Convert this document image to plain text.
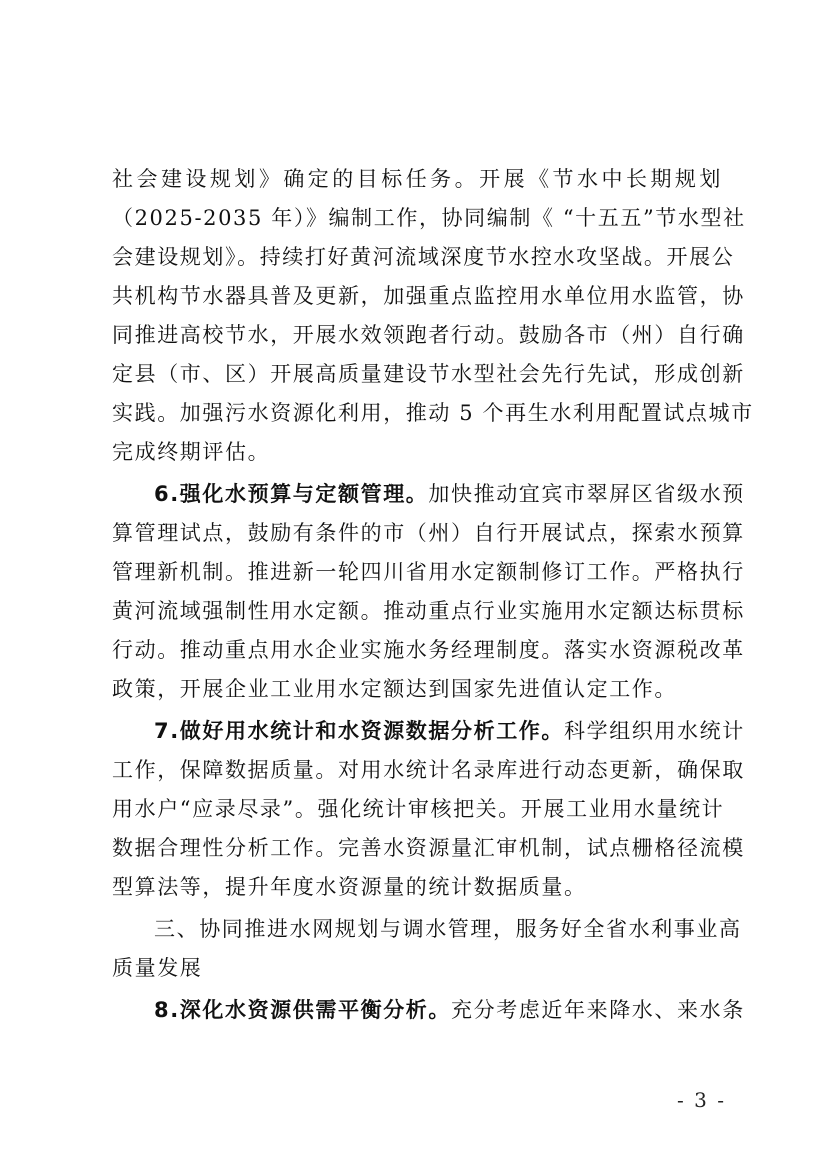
社会建设规划》确定的目标任务。开展《节水中长期规划
（2025-2035 年）》编制工作，协同编制《 “十五五”节水型社
会建设规划》。持续打好黄河流域深度节水控水攻坚战。开展公
共机构节水器具普及更新，加强重点监控用水单位用水监管，协
同推进高校节水，开展水效领跑者行动。鼓励各市（州）自行确
定县（市、区）开展高质量建设节水型社会先行先试，形成创新
实践。加强污水资源化利用，推动 5 个再生水利用配置试点城市
完成终期评估。

6.强化水预算与定额管理。加快推动宜宾市翠屏区省级水预
算管理试点，鼓励有条件的市（州）自行开展试点，探索水预算
管理新机制。推进新一轮四川省用水定额制修订工作。严格执行
黄河流域强制性用水定额。推动重点行业实施用水定额达标贯标
行动。推动重点用水企业实施水务经理制度。落实水资源税改革
政策，开展企业工业用水定额达到国家先进值认定工作。

7.做好用水统计和水资源数据分析工作。科学组织用水统计
工作，保障数据质量。对用水统计名录库进行动态更新，确保取
用水户“应录尽录”。强化统计审核把关。开展工业用水量统计
数据合理性分析工作。完善水资源量汇审机制，试点栅格径流模
型算法等，提升年度水资源量的统计数据质量。

三、协同推进水网规划与调水管理，服务好全省水利事业高
质量发展

8.深化水资源供需平衡分析。充分考虑近年来降水、来水条

- 3 -
